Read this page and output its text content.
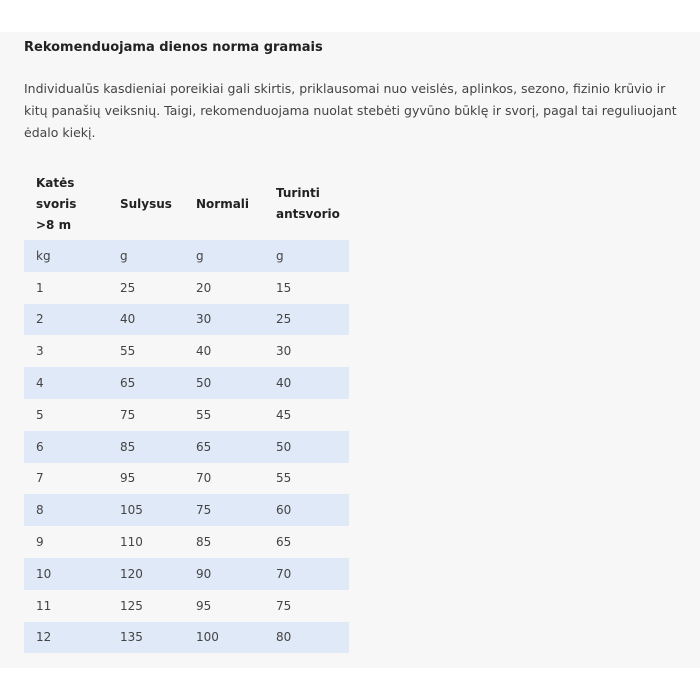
Rekomenduojama dienos norma gramais

Individualūs kasdieniai poreikiai gali skirtis, priklausomai nuo veislės, aplinkos, sezono, fizinio krūvio ir
kitų panašių veiksnių. Taigi, rekomenduojama nuolat stebėti gyvūno būklę ir svorį, pagal tai reguliuojant
ėdalo kiekį.

Katės
svoris
>8 m	Sulysus	Normali	Turinti
antsvorio
kg	g	g	g
1	25	20	15
2	40	30	25
3	55	40	30
4	65	50	40
5	75	55	45
6	85	65	50
7	95	70	55
8	105	75	60
9	110	85	65
10	120	90	70
11	125	95	75
12	135	100	80
